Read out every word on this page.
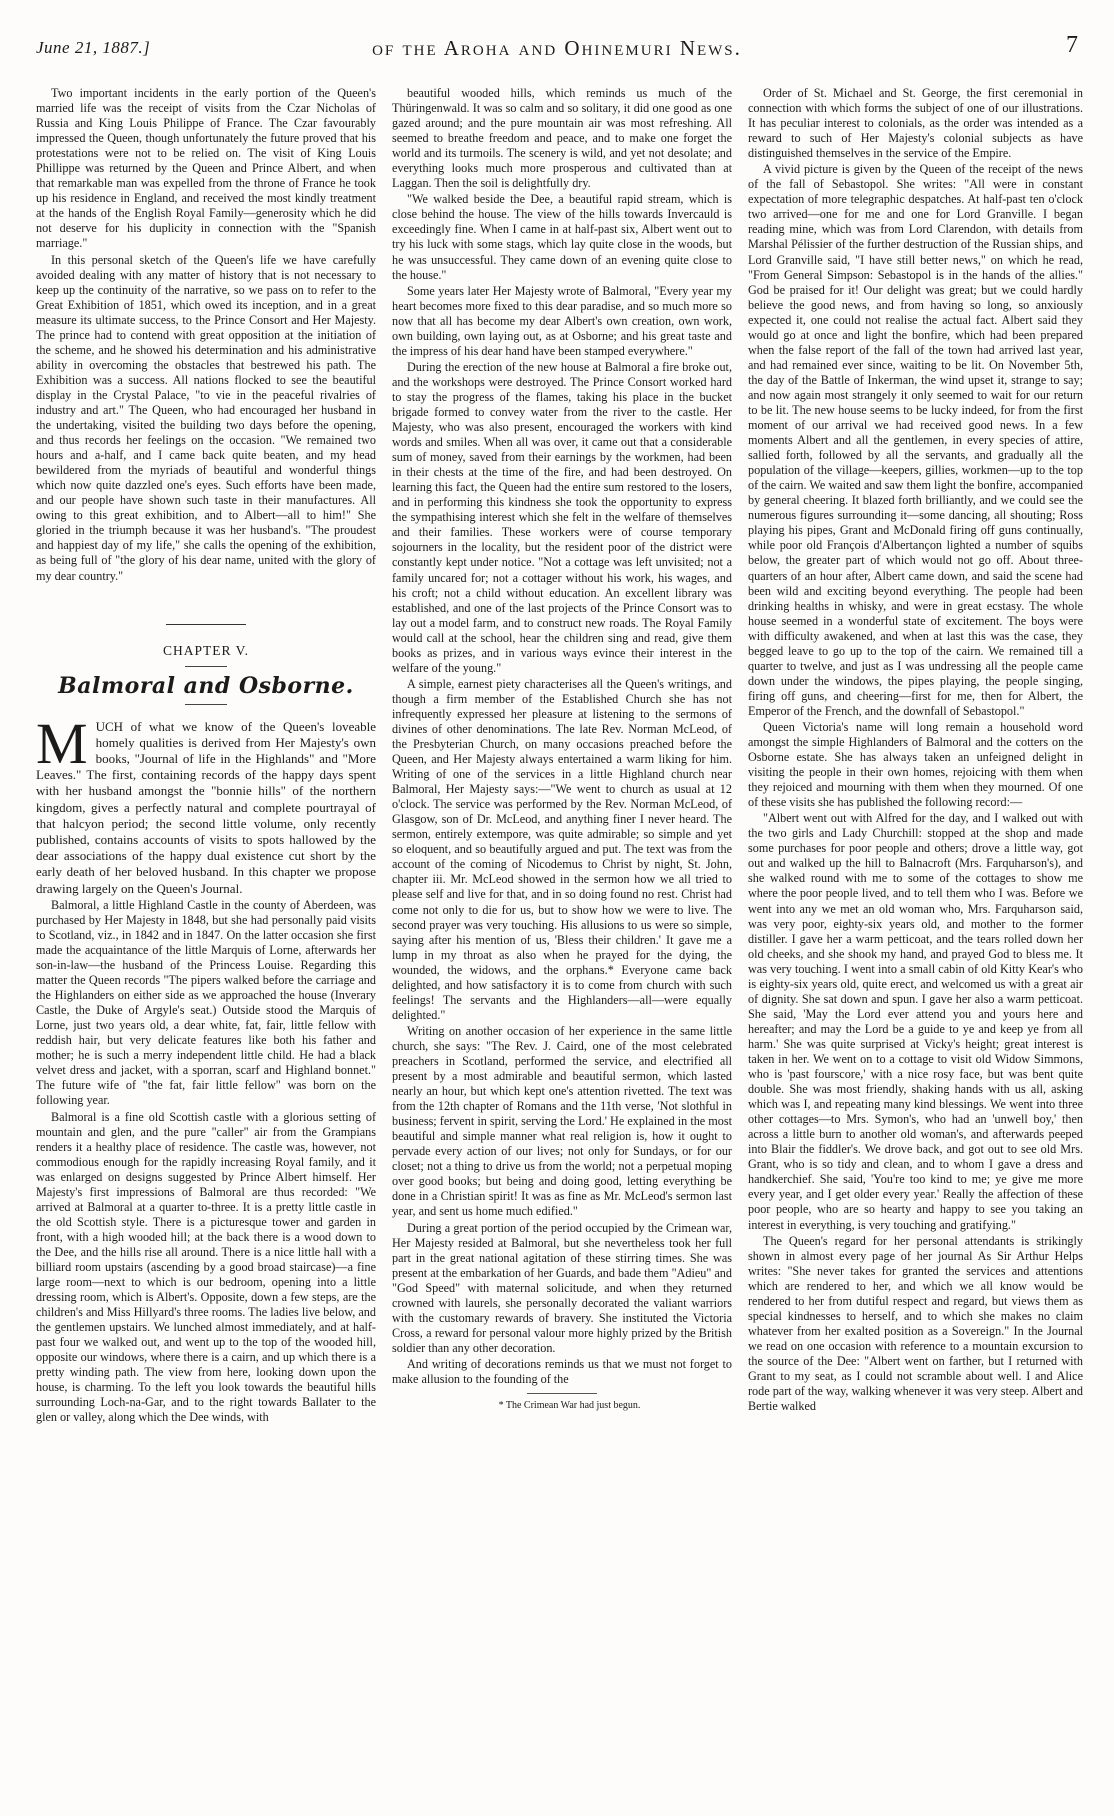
June 21, 1887.]	of the Aroha and Ohinemuri News.	7

Two important incidents in the early portion of the Queen's married life was the receipt of visits from the Czar Nicholas of Russia and King Louis Philippe of France. The Czar favourably impressed the Queen, though unfortunately the future proved that his protestations were not to be relied on. The visit of King Louis Phillippe was returned by the Queen and Prince Albert, and when that remarkable man was expelled from the throne of France he took up his residence in England, and received the most kindly treatment at the hands of the English Royal Family—generosity which he did not deserve for his duplicity in connection with the "Spanish marriage."

In this personal sketch of the Queen's life we have carefully avoided dealing with any matter of history that is not necessary to keep up the continuity of the narrative, so we pass on to refer to the Great Exhibition of 1851, which owed its inception, and in a great measure its ultimate success, to the Prince Consort and Her Majesty. The prince had to contend with great opposition at the initiation of the scheme, and he showed his determination and his administrative ability in overcoming the obstacles that bestrewed his path. The Exhibition was a success. All nations flocked to see the beautiful display in the Crystal Palace, "to vie in the peaceful rivalries of industry and art." The Queen, who had encouraged her husband in the undertaking, visited the building two days before the opening, and thus records her feelings on the occasion. "We remained two hours and a-half, and I came back quite beaten, and my head bewildered from the myriads of beautiful and wonderful things which now quite dazzled one's eyes. Such efforts have been made, and our people have shown such taste in their manufactures. All owing to this great exhibition, and to Albert—all to him!" She gloried in the triumph because it was her husband's. "The proudest and happiest day of my life," she calls the opening of the exhibition, as being full of "the glory of his dear name, united with the glory of my dear country."

CHAPTER V.
Balmoral and Osborne.

MUCH of what we know of the Queen's loveable homely qualities is derived from Her Majesty's own books, "Journal of life in the Highlands" and "More Leaves." The first, containing records of the happy days spent with her husband amongst the "bonnie hills" of the northern kingdom, gives a perfectly natural and complete pourtrayal of that halcyon period; the second little volume, only recently published, contains accounts of visits to spots hallowed by the dear associations of the happy dual existence cut short by the early death of her beloved husband. In this chapter we propose drawing largely on the Queen's Journal.

Balmoral, a little Highland Castle in the county of Aberdeen, was purchased by Her Majesty in 1848, but she had personally paid visits to Scotland, viz., in 1842 and in 1847. On the latter occasion she first made the acquaintance of the little Marquis of Lorne, afterwards her son-in-law—the husband of the Princess Louise. Regarding this matter the Queen records "The pipers walked before the carriage and the Highlanders on either side as we approached the house (Inverary Castle, the Duke of Argyle's seat.) Outside stood the Marquis of Lorne, just two years old, a dear white, fat, fair, little fellow with reddish hair, but very delicate features like both his father and mother; he is such a merry independent little child. He had a black velvet dress and jacket, with a sporran, scarf and Highland bonnet." The future wife of "the fat, fair little fellow" was born on the following year.

Balmoral is a fine old Scottish castle with a glorious setting of mountain and glen, and the pure "caller" air from the Grampians renders it a healthy place of residence. The castle was, however, not commodious enough for the rapidly increasing Royal family, and it was enlarged on designs suggested by Prince Albert himself. Her Majesty's first impressions of Balmoral are thus recorded: "We arrived at Balmoral at a quarter to-three. It is a pretty little castle in the old Scottish style. There is a picturesque tower and garden in front, with a high wooded hill; at the back there is a wood down to the Dee, and the hills rise all around. There is a nice little hall with a billiard room upstairs (ascending by a good broad staircase)—a fine large room—next to which is our bedroom, opening into a little dressing room, which is Albert's. Opposite, down a few steps, are the children's and Miss Hillyard's three rooms. The ladies live below, and the gentlemen upstairs. We lunched almost immediately, and at half-past four we walked out, and went up to the top of the wooded hill, opposite our windows, where there is a cairn, and up which there is a pretty winding path. The view from here, looking down upon the house, is charming. To the left you look towards the beautiful hills surrounding Loch-na-Gar, and to the right towards Ballater to the glen or valley, along which the Dee winds, with

beautiful wooded hills, which reminds us much of the Thüringenwald. It was so calm and so solitary, it did one good as one gazed around; and the pure mountain air was most refreshing. All seemed to breathe freedom and peace, and to make one forget the world and its turmoils. The scenery is wild, and yet not desolate; and everything looks much more prosperous and cultivated than at Laggan. Then the soil is delightfully dry.

"We walked beside the Dee, a beautiful rapid stream, which is close behind the house. The view of the hills towards Invercauld is exceedingly fine. When I came in at half-past six, Albert went out to try his luck with some stags, which lay quite close in the woods, but he was unsuccessful. They came down of an evening quite close to the house."

Some years later Her Majesty wrote of Balmoral, "Every year my heart becomes more fixed to this dear paradise, and so much more so now that all has become my dear Albert's own creation, own work, own building, own laying out, as at Osborne; and his great taste and the impress of his dear hand have been stamped everywhere."

During the erection of the new house at Balmoral a fire broke out, and the workshops were destroyed. The Prince Consort worked hard to stay the progress of the flames, taking his place in the bucket brigade formed to convey water from the river to the castle. Her Majesty, who was also present, encouraged the workers with kind words and smiles. When all was over, it came out that a considerable sum of money, saved from their earnings by the workmen, had been in their chests at the time of the fire, and had been destroyed. On learning this fact, the Queen had the entire sum restored to the losers, and in performing this kindness she took the opportunity to express the sympathising interest which she felt in the welfare of themselves and their families. These workers were of course temporary sojourners in the locality, but the resident poor of the district were constantly kept under notice. "Not a cottage was left unvisited; not a family uncared for; not a cottager without his work, his wages, and his croft; not a child without education. An excellent library was established, and one of the last projects of the Prince Consort was to lay out a model farm, and to construct new roads. The Royal Family would call at the school, hear the children sing and read, give them books as prizes, and in various ways evince their interest in the welfare of the young."

A simple, earnest piety characterises all the Queen's writings, and though a firm member of the Established Church she has not infrequently expressed her pleasure at listening to the sermons of divines of other denominations. The late Rev. Norman McLeod, of the Presbyterian Church, on many occasions preached before the Queen, and Her Majesty always entertained a warm liking for him. Writing of one of the services in a little Highland church near Balmoral, Her Majesty says:—"We went to church as usual at 12 o'clock. The service was performed by the Rev. Norman McLeod, of Glasgow, son of Dr. McLeod, and anything finer I never heard. The sermon, entirely extempore, was quite admirable; so simple and yet so eloquent, and so beautifully argued and put. The text was from the account of the coming of Nicodemus to Christ by night, St. John, chapter iii. Mr. McLeod showed in the sermon how we all tried to please self and live for that, and in so doing found no rest. Christ had come not only to die for us, but to show how we were to live. The second prayer was very touching. His allusions to us were so simple, saying after his mention of us, 'Bless their children.' It gave me a lump in my throat as also when he prayed for the dying, the wounded, the widows, and the orphans.* Everyone came back delighted, and how satisfactory it is to come from church with such feelings! The servants and the Highlanders—all—were equally delighted."

Writing on another occasion of her experience in the same little church, she says: "The Rev. J. Caird, one of the most celebrated preachers in Scotland, performed the service, and electrified all present by a most admirable and beautiful sermon, which lasted nearly an hour, but which kept one's attention rivetted. The text was from the 12th chapter of Romans and the 11th verse, 'Not slothful in business; fervent in spirit, serving the Lord.' He explained in the most beautiful and simple manner what real religion is, how it ought to pervade every action of our lives; not only for Sundays, or for our closet; not a thing to drive us from the world; not a perpetual moping over good books; but being and doing good, letting everything be done in a Christian spirit! It was as fine as Mr. McLeod's sermon last year, and sent us home much edified."

During a great portion of the period occupied by the Crimean war, Her Majesty resided at Balmoral, but she nevertheless took her full part in the great national agitation of these stirring times. She was present at the embarkation of her Guards, and bade them "Adieu" and "God Speed" with maternal solicitude, and when they returned crowned with laurels, she personally decorated the valiant warriors with the customary rewards of bravery. She instituted the Victoria Cross, a reward for personal valour more highly prized by the British soldier than any other decoration.

And writing of decorations reminds us that we must not forget to make allusion to the founding of the

* The Crimean War had just begun.

Order of St. Michael and St. George, the first ceremonial in connection with which forms the subject of one of our illustrations. It has peculiar interest to colonials, as the order was intended as a reward to such of Her Majesty's colonial subjects as have distinguished themselves in the service of the Empire.

A vivid picture is given by the Queen of the receipt of the news of the fall of Sebastopol. She writes: "All were in constant expectation of more telegraphic despatches. At half-past ten o'clock two arrived—one for me and one for Lord Granville. I began reading mine, which was from Lord Clarendon, with details from Marshal Pélissier of the further destruction of the Russian ships, and Lord Granville said, "I have still better news," on which he read, "From General Simpson: Sebastopol is in the hands of the allies." God be praised for it! Our delight was great; but we could hardly believe the good news, and from having so long, so anxiously expected it, one could not realise the actual fact. Albert said they would go at once and light the bonfire, which had been prepared when the false report of the fall of the town had arrived last year, and had remained ever since, waiting to be lit. On November 5th, the day of the Battle of Inkerman, the wind upset it, strange to say; and now again most strangely it only seemed to wait for our return to be lit. The new house seems to be lucky indeed, for from the first moment of our arrival we had received good news. In a few moments Albert and all the gentlemen, in every species of attire, sallied forth, followed by all the servants, and gradually all the population of the village—keepers, gillies, workmen—up to the top of the cairn. We waited and saw them light the bonfire, accompanied by general cheering. It blazed forth brilliantly, and we could see the numerous figures surrounding it—some dancing, all shouting; Ross playing his pipes, Grant and McDonald firing off guns continually, while poor old François d'Albertançon lighted a number of squibs below, the greater part of which would not go off. About three-quarters of an hour after, Albert came down, and said the scene had been wild and exciting beyond everything. The people had been drinking healths in whisky, and were in great ecstasy. The whole house seemed in a wonderful state of excitement. The boys were with difficulty awakened, and when at last this was the case, they begged leave to go up to the top of the cairn. We remained till a quarter to twelve, and just as I was undressing all the people came down under the windows, the pipes playing, the people singing, firing off guns, and cheering—first for me, then for Albert, the Emperor of the French, and the downfall of Sebastopol."

Queen Victoria's name will long remain a household word amongst the simple Highlanders of Balmoral and the cotters on the Osborne estate. She has always taken an unfeigned delight in visiting the people in their own homes, rejoicing with them when they rejoiced and mourning with them when they mourned. Of one of these visits she has published the following record:—

"Albert went out with Alfred for the day, and I walked out with the two girls and Lady Churchill: stopped at the shop and made some purchases for poor people and others; drove a little way, got out and walked up the hill to Balnacroft (Mrs. Farquharson's), and she walked round with me to some of the cottages to show me where the poor people lived, and to tell them who I was. Before we went into any we met an old woman who, Mrs. Farquharson said, was very poor, eighty-six years old, and mother to the former distiller. I gave her a warm petticoat, and the tears rolled down her old cheeks, and she shook my hand, and prayed God to bless me. It was very touching. I went into a small cabin of old Kitty Kear's who is eighty-six years old, quite erect, and welcomed us with a great air of dignity. She sat down and spun. I gave her also a warm petticoat. She said, 'May the Lord ever attend you and yours here and hereafter; and may the Lord be a guide to ye and keep ye from all harm.' She was quite surprised at Vicky's height; great interest is taken in her. We went on to a cottage to visit old Widow Simmons, who is 'past fourscore,' with a nice rosy face, but was bent quite double. She was most friendly, shaking hands with us all, asking which was I, and repeating many kind blessings. We went into three other cottages—to Mrs. Symon's, who had an 'unwell boy,' then across a little burn to another old woman's, and afterwards peeped into Blair the fiddler's. We drove back, and got out to see old Mrs. Grant, who is so tidy and clean, and to whom I gave a dress and handkerchief. She said, 'You're too kind to me; ye give me more every year, and I get older every year.' Really the affection of these poor people, who are so hearty and happy to see you taking an interest in everything, is very touching and gratifying."

The Queen's regard for her personal attendants is strikingly shown in almost every page of her journal As Sir Arthur Helps writes: "She never takes for granted the services and attentions which are rendered to her, and which we all know would be rendered to her from dutiful respect and regard, but views them as special kindnesses to herself, and to which she makes no claim whatever from her exalted position as a Sovereign." In the Journal we read on one occasion with reference to a mountain excursion to the source of the Dee: "Albert went on farther, but I returned with Grant to my seat, as I could not scramble about well. I and Alice rode part of the way, walking whenever it was very steep. Albert and Bertie walked
